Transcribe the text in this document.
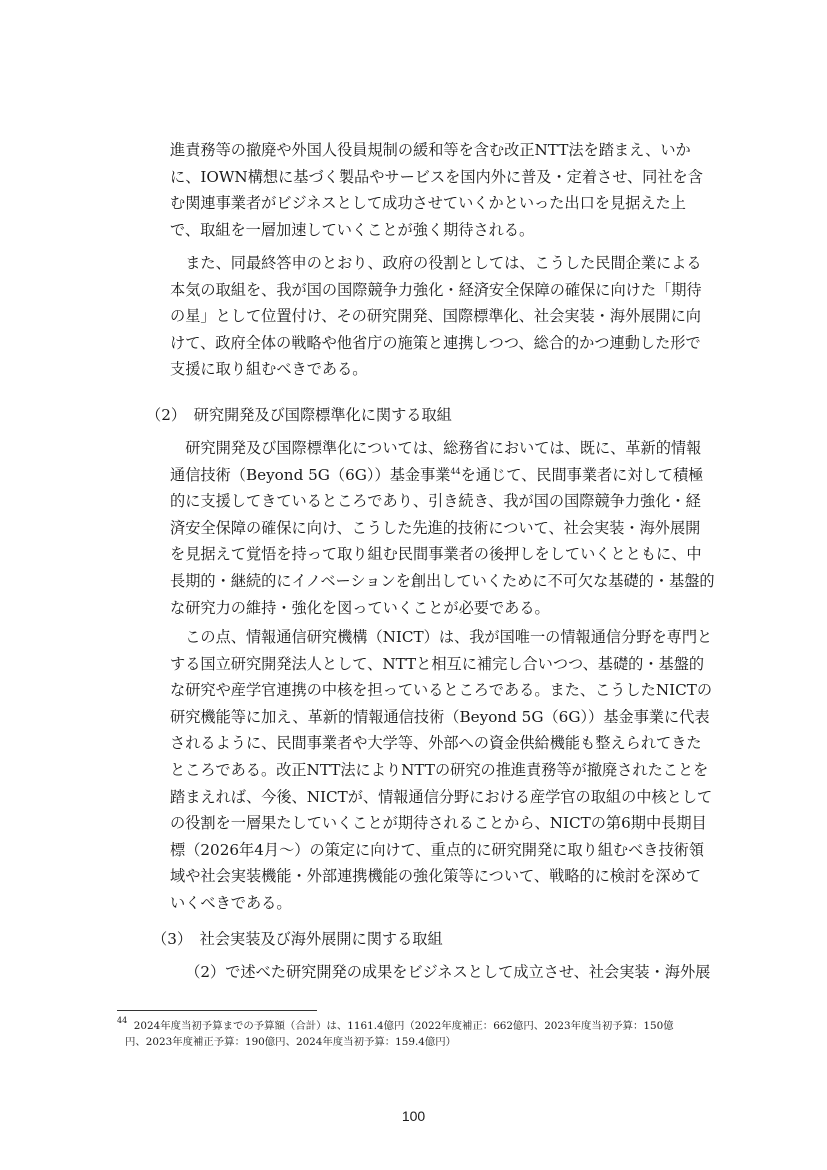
進責務等の撤廃や外国人役員規制の緩和等を含む改正NTT法を踏まえ、いかに、IOWN構想に基づく製品やサービスを国内外に普及・定着させ、同社を含む関連事業者がビジネスとして成功させていくかといった出口を見据えた上で、取組を一層加速していくことが強く期待される。

また、同最終答申のとおり、政府の役割としては、こうした民間企業による本気の取組を、我が国の国際競争力強化・経済安全保障の確保に向けた「期待の星」として位置付け、その研究開発、国際標準化、社会実装・海外展開に向けて、政府全体の戦略や他省庁の施策と連携しつつ、総合的かつ連動した形で支援に取り組むべきである。

（2）　研究開発及び国際標準化に関する取組

研究開発及び国際標準化については、総務省においては、既に、革新的情報通信技術（Beyond 5G（6G））基金事業$^{44}$を通じて、民間事業者に対して積極的に支援してきているところであり、引き続き、我が国の国際競争力強化・経済安全保障の確保に向け、こうした先進的技術について、社会実装・海外展開を見据えて覚悟を持って取り組む民間事業者の後押しをしていくとともに、中長期的・継続的にイノベーションを創出していくために不可欠な基礎的・基盤的な研究力の維持・強化を図っていくことが必要である。

この点、情報通信研究機構（NICT）は、我が国唯一の情報通信分野を専門とする国立研究開発法人として、NTTと相互に補完し合いつつ、基礎的・基盤的な研究や産学官連携の中核を担っているところである。また、こうしたNICTの研究機能等に加え、革新的情報通信技術（Beyond 5G（6G））基金事業に代表されるように、民間事業者や大学等、外部への資金供給機能も整えられてきたところである。改正NTT法によりNTTの研究の推進責務等が撤廃されたことを踏まえれば、今後、NICTが、情報通信分野における産学官の取組の中核としての役割を一層果たしていくことが期待されることから、NICTの第6期中長期目標（2026年4月～）の策定に向けて、重点的に研究開発に取り組むべき技術領域や社会実装機能・外部連携機能の強化策等について、戦略的に検討を深めていくべきである。

（3）　社会実装及び海外展開に関する取組

（2）で述べた研究開発の成果をビジネスとして成立させ、社会実装・海外展

$^{44}$ 2024年度当初予算までの予算額（合計）は、1161.4億円（2022年度補正：662億円、2023年度当初予算：150億
円、2023年度補正予算：190億円、2024年度当初予算：159.4億円）

100
